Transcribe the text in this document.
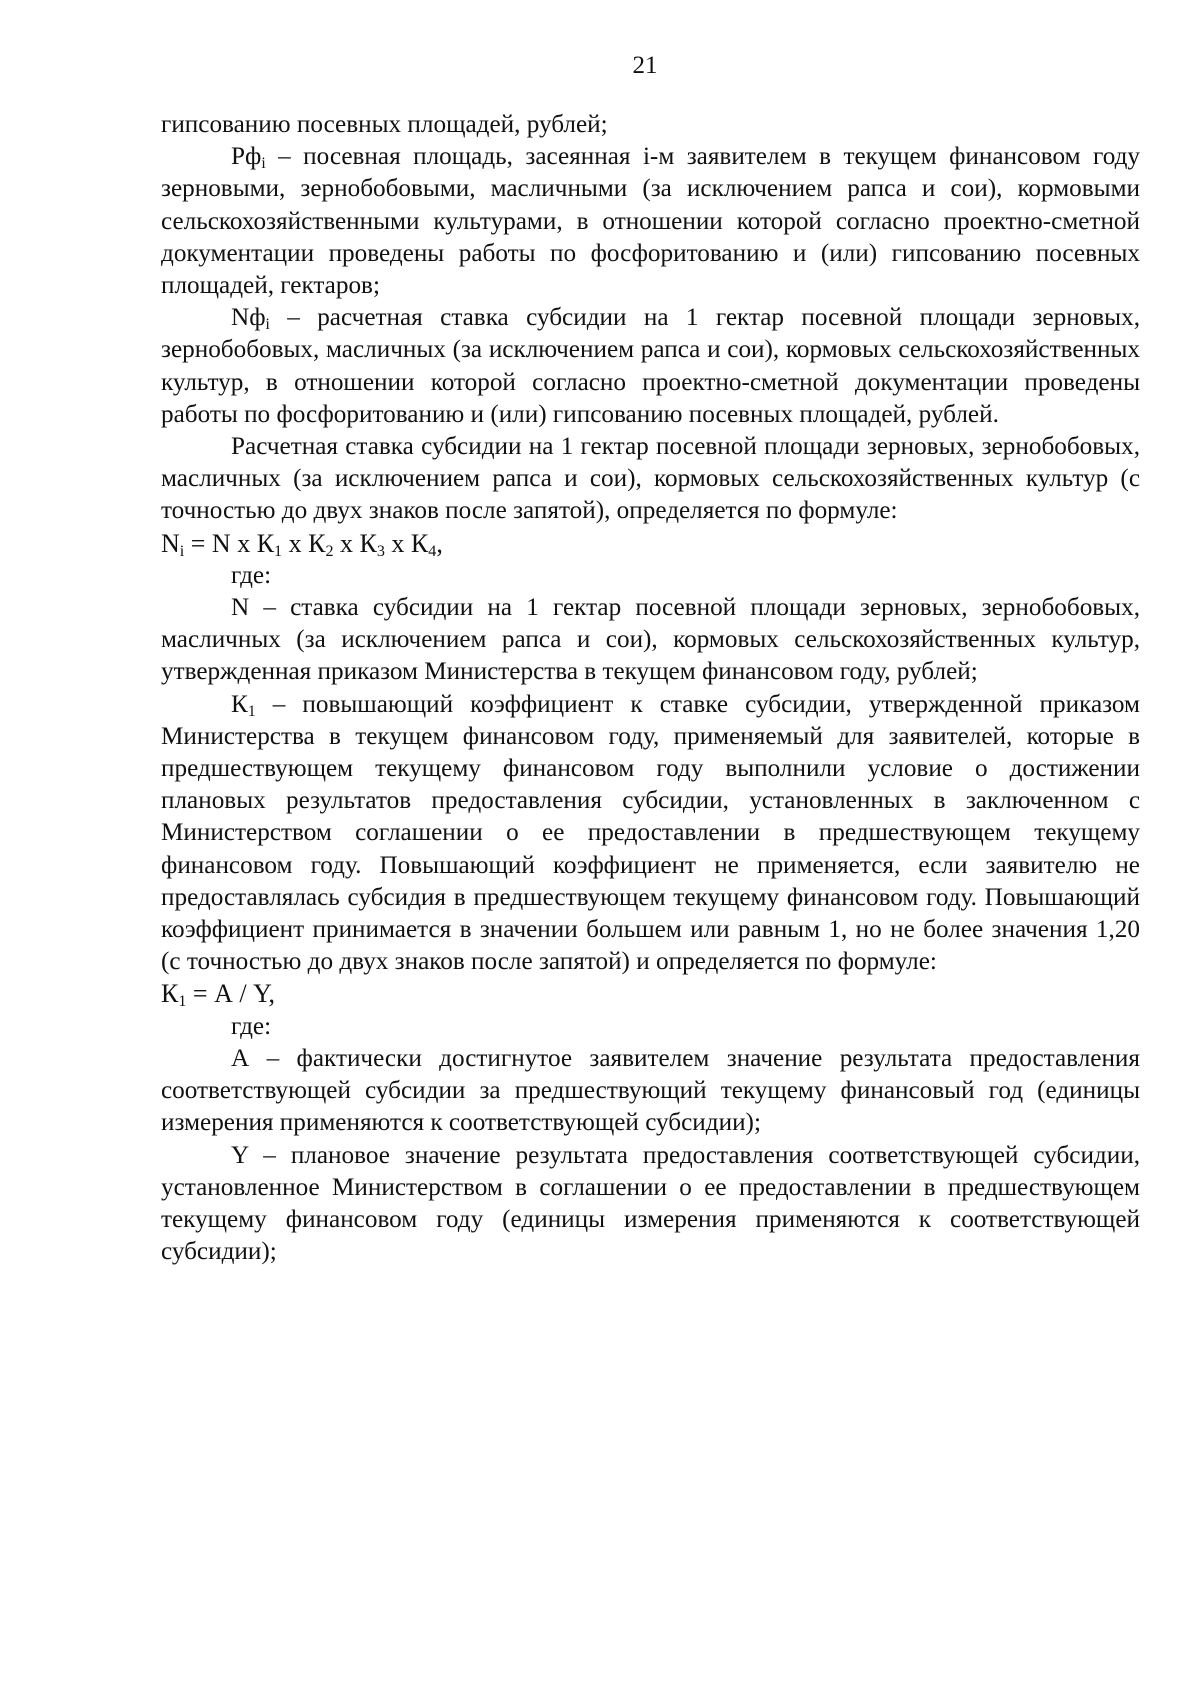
21

гипсованию посевных площадей, рублей;

$Рф_i$ – посевная площадь, засеянная i-м заявителем в текущем финансовом году зерновыми, зернобобовыми, масличными (за исключением рапса и сои), кормовыми сельскохозяйственными культурами, в отношении которой согласно проектно-сметной документации проведены работы по фосфоритованию и (или) гипсованию посевных площадей, гектаров;

$Nф_i$ – расчетная ставка субсидии на 1 гектар посевной площади зерновых, зернобобовых, масличных (за исключением рапса и сои), кормовых сельскохозяйственных культур, в отношении которой согласно проектно-сметной документации проведены работы по фосфоритованию и (или) гипсованию посевных площадей, рублей.

Расчетная ставка субсидии на 1 гектар посевной площади зерновых, зернобобовых, масличных (за исключением рапса и сои), кормовых сельскохозяйственных культур (с точностью до двух знаков после запятой), определяется по формуле:

$N_i = N$ x $К_1$ x $К_2$ x $К_3$ x $К_4$,

где:

N – ставка субсидии на 1 гектар посевной площади зерновых, зернобобовых, масличных (за исключением рапса и сои), кормовых сельскохозяйственных культур, утвержденная приказом Министерства в текущем финансовом году, рублей;

$К_1$ – повышающий коэффициент к ставке субсидии, утвержденной приказом Министерства в текущем финансовом году, применяемый для заявителей, которые в предшествующем текущему финансовом году выполнили условие о достижении плановых результатов предоставления субсидии, установленных в заключенном с Министерством соглашении о ее предоставлении в предшествующем текущему финансовом году. Повышающий коэффициент не применяется, если заявителю не предоставлялась субсидия в предшествующем текущему финансовом году. Повышающий коэффициент принимается в значении большем или равным 1, но не более значения 1,20 (с точностью до двух знаков после запятой) и определяется по формуле:

$К_1 = А / Y$,

где:

А – фактически достигнутое заявителем значение результата предоставления соответствующей субсидии за предшествующий текущему финансовый год (единицы измерения применяются к соответствующей субсидии);

Y – плановое значение результата предоставления соответствующей субсидии, установленное Министерством в соглашении о ее предоставлении в предшествующем текущему финансовом году (единицы измерения применяются к соответствующей субсидии);
